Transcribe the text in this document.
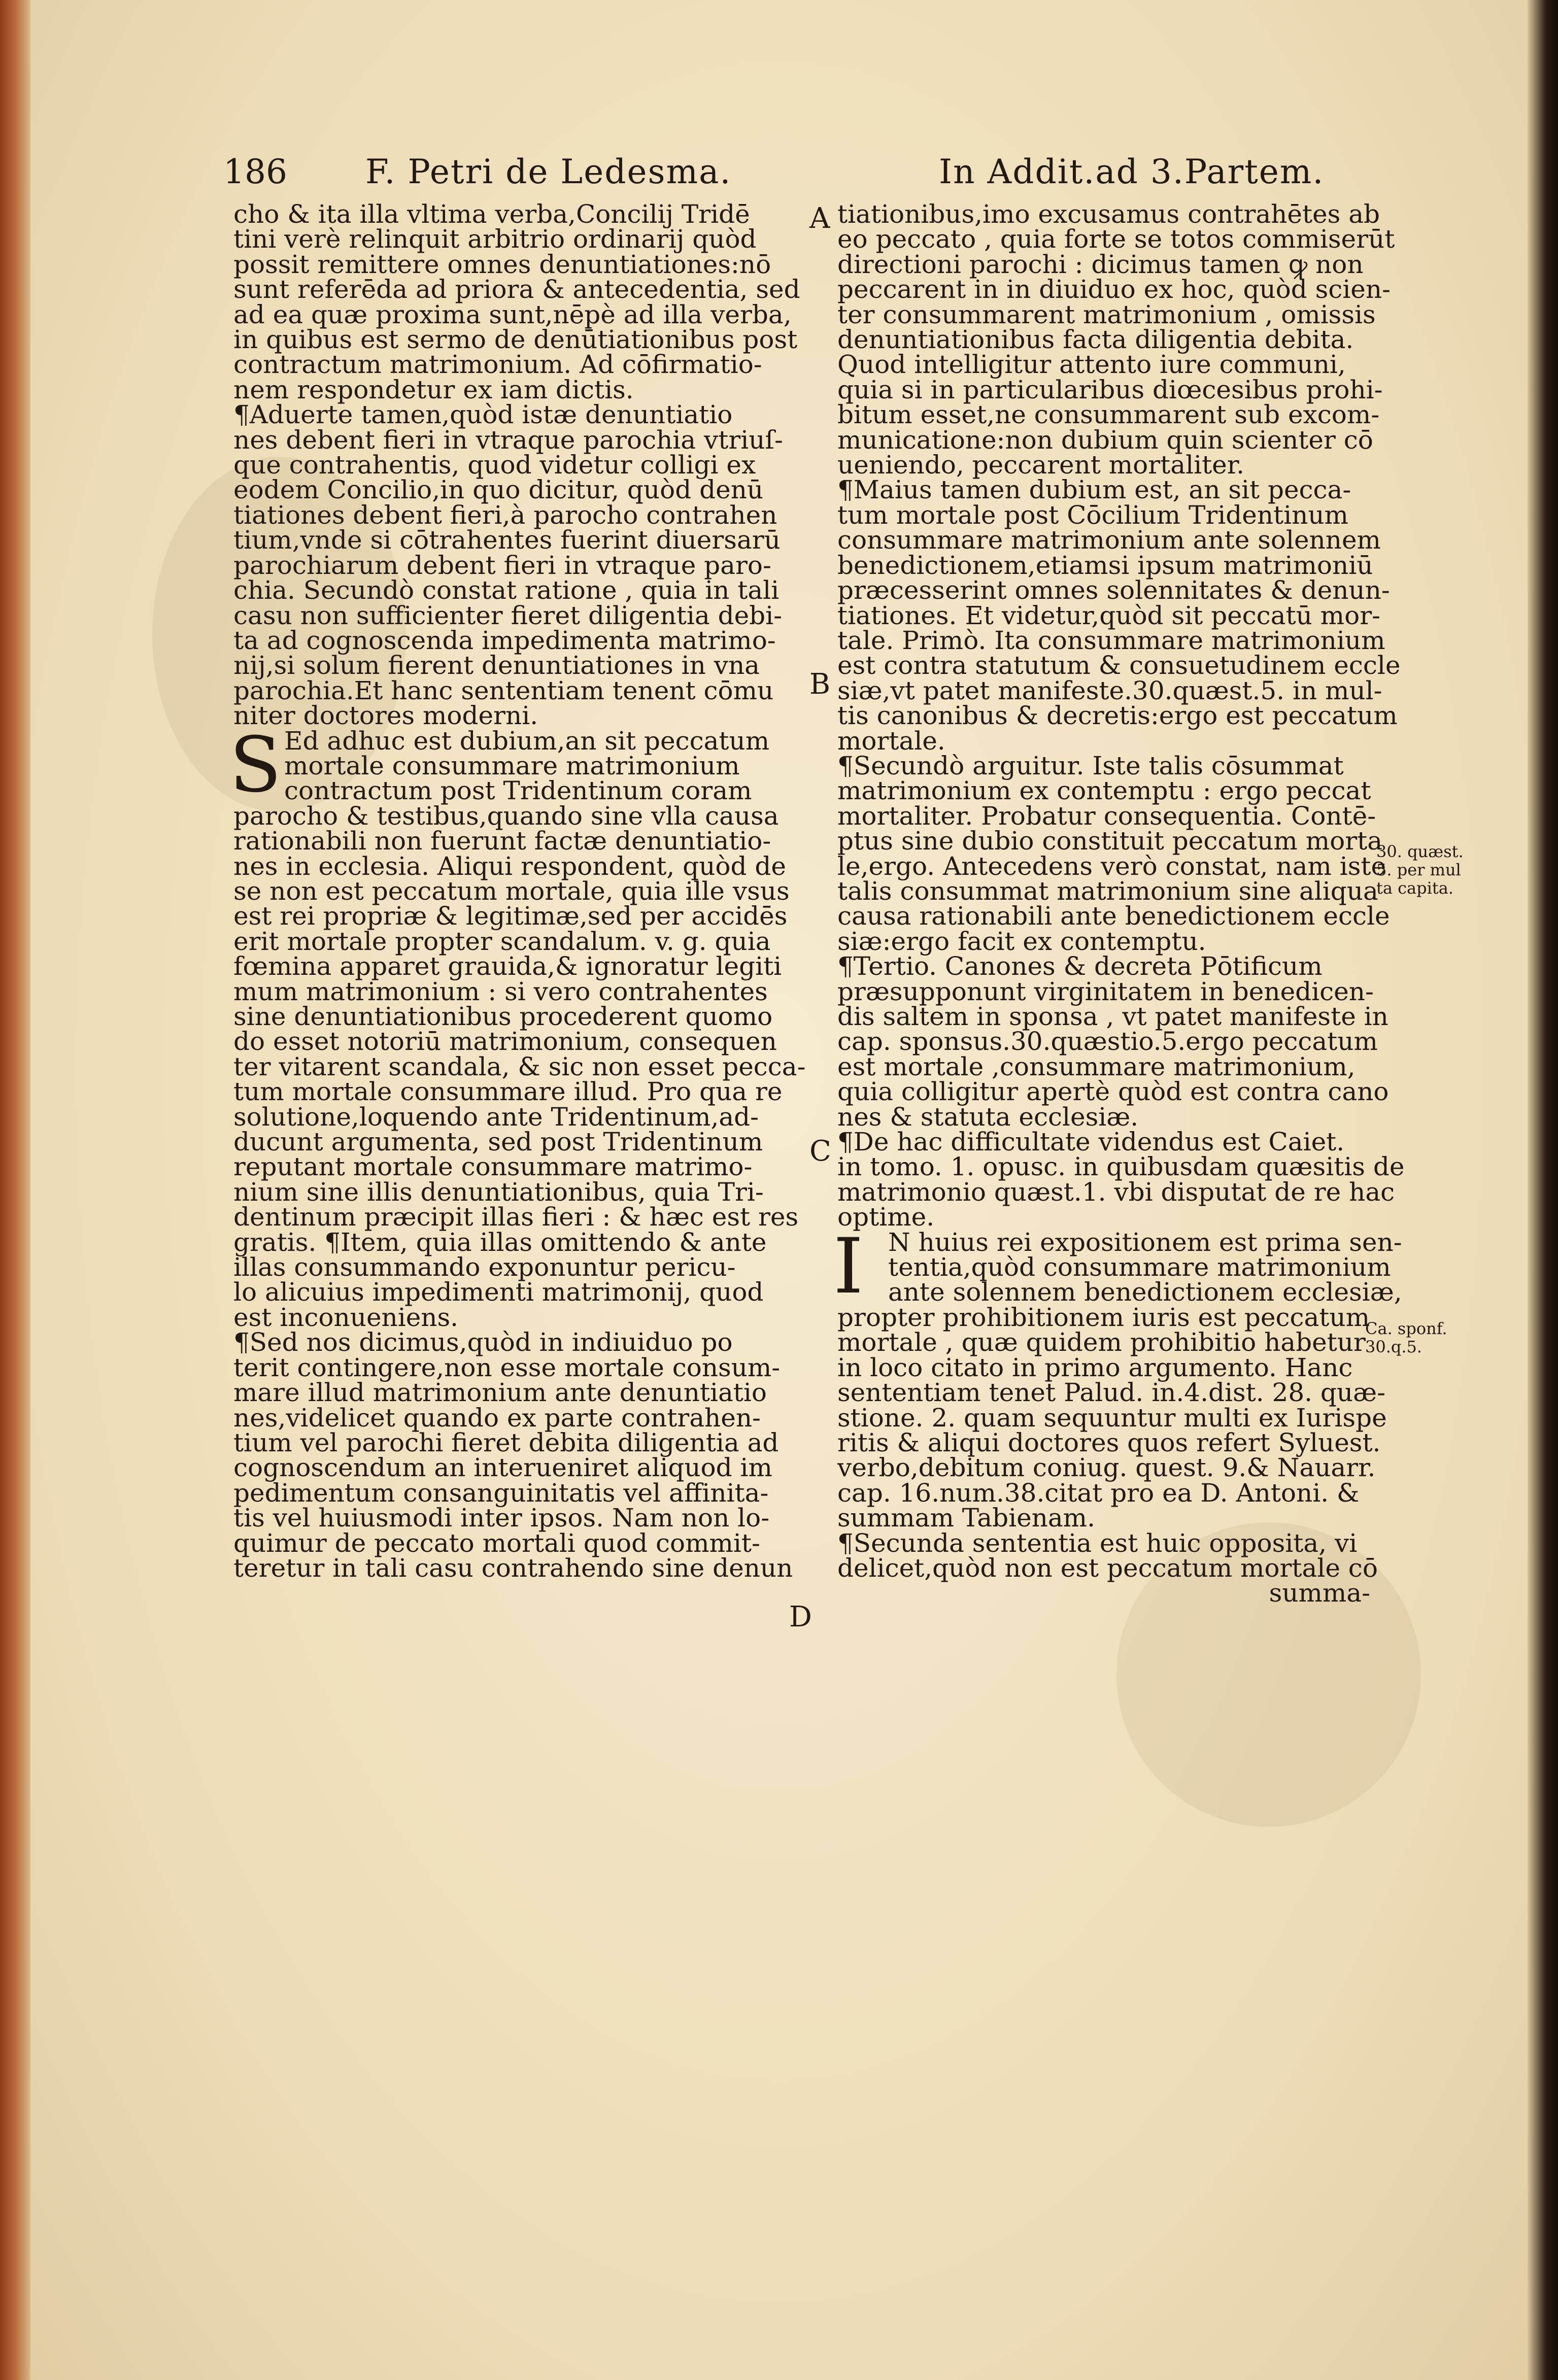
186 F. Petri de Ledesma.	In Addit.ad 3.Partem.
cho & ita illa vltima verba,Concilij Tridē
tini verè relinquit arbitrio ordinarij quòd
possit remittere omnes denuntiationes:nō
sunt referēda ad priora & antecedentia, sed
ad ea quæ proxima sunt,nēpè ad illa verba,
in quibus est sermo de denūtiationibus post
contractum matrimonium. Ad cōfirmatio-
nem respondetur ex iam dictis.
¶Aduerte tamen,quòd istæ denuntiatio
nes debent fieri in vtraque parochia vtriuſ-
que contrahentis, quod videtur colligi ex
eodem Concilio,in quo dicitur, quòd denū
tiationes debent fieri,à parocho contrahen
tium,vnde si cōtrahentes fuerint diuersarū
parochiarum debent fieri in vtraque paro-
chia. Secundò constat ratione , quia in tali
casu non sufficienter fieret diligentia debi-
ta ad cognoscenda impedimenta matrimo-
nij,si solum fierent denuntiationes in vna
parochia.Et hanc sententiam tenent cōmu
niter doctores moderni.
S Ed adhuc est dubium,an sit peccatum
mortale consummare matrimonium
contractum post Tridentinum coram
parocho & testibus,quando sine vlla causa
rationabili non fuerunt factæ denuntiatio-
nes in ecclesia. Aliqui respondent, quòd de
se non est peccatum mortale, quia ille vsus
est rei propriæ & legitimæ,sed per accidēs
erit mortale propter scandalum. v. g. quia
fœmina apparet grauida,& ignoratur legiti
mum matrimonium : si vero contrahentes
sine denuntiationibus procederent quomo
do esset notoriū matrimonium, consequen
ter vitarent scandala, & sic non esset pecca-
tum mortale consummare illud. Pro qua re
solutione,loquendo ante Tridentinum,ad-
ducunt argumenta, sed post Tridentinum
reputant mortale consummare matrimo-
nium sine illis denuntiationibus, quia Tri-
dentinum præcipit illas fieri : & hæc est res
gratis. ¶Item, quia illas omittendo & ante
illas consummando exponuntur pericu-
lo alicuius impedimenti matrimonij, quod
est inconueniens.
¶Sed nos dicimus,quòd in indiuiduo po
terit contingere,non esse mortale consum-
mare illud matrimonium ante denuntiatio
nes,videlicet quando ex parte contrahen-
tium vel parochi fieret debita diligentia ad
cognoscendum an interueniret aliquod im
pedimentum consanguinitatis vel affinita-
tis vel huiusmodi inter ipsos. Nam non lo-
quimur de peccato mortali quod commit-
teretur in tali casu contrahendo sine denun
tiationibus,imo excusamus contrahētes ab
eo peccato , quia forte se totos commiserūt
directioni parochi : dicimus tamen ꝙ non
peccarent in in diuiduo ex hoc, quòd scien-
ter consummarent matrimonium , omissis
denuntiationibus facta diligentia debita.
Quod intelligitur attento iure communi,
quia si in particularibus diœcesibus prohi-
bitum esset,ne consummarent sub excom-
municatione:non dubium quin scienter cō
ueniendo, peccarent mortaliter.
¶Maius tamen dubium est, an sit pecca-
tum mortale post Cōcilium Tridentinum
consummare matrimonium ante solennem
benedictionem,etiamsi ipsum matrimoniū
præcesserint omnes solennitates & denun-
tiationes. Et videtur,quòd sit peccatū mor-
tale. Primò. Ita consummare matrimonium
est contra statutum & consuetudinem eccle
siæ,vt patet manifeste.30.quæst.5. in mul-
tis canonibus & decretis:ergo est peccatum
mortale.
¶Secundò arguitur. Iste talis cōsummat
matrimonium ex contemptu : ergo peccat
mortaliter. Probatur consequentia. Contē-
ptus sine dubio constituit peccatum morta
le,ergo. Antecedens verò constat, nam iste
talis consummat matrimonium sine aliqua
causa rationabili ante benedictionem eccle
siæ:ergo facit ex contemptu.
¶Tertio. Canones & decreta Pōtificum
præsupponunt virginitatem in benedicen-
dis saltem in sponsa , vt patet manifeste in
cap. sponsus.30.quæstio.5.ergo peccatum
est mortale ,consummare matrimonium,
quia colligitur apertè quòd est contra cano
nes & statuta ecclesiæ.
¶De hac difficultate videndus est Caiet.
in tomo. 1. opusc. in quibusdam quæsitis de
matrimonio quæst.1. vbi disputat de re hac
optime.
I N huius rei expositionem est prima sen-
tentia,quòd consummare matrimonium
ante solennem benedictionem ecclesiæ,
propter prohibitionem iuris est peccatum
mortale , quæ quidem prohibitio habetur
in loco citato in primo argumento. Hanc
sententiam tenet Palud. in.4.dist. 28. quæ-
stione. 2. quam sequuntur multi ex Iurispe
ritis & aliqui doctores quos refert Syluest.
verbo,debitum coniug. quest. 9.& Nauarr.
cap. 16.num.38.citat pro ea D. Antoni. &
summam Tabienam.
¶Secunda sententia est huic opposita, vi
delicet,quòd non est peccatum mortale cō
summa-
A
B
C
D
30. quæst.
5. per mul
ta capita.
Ca. sponf.
30.q.5.
